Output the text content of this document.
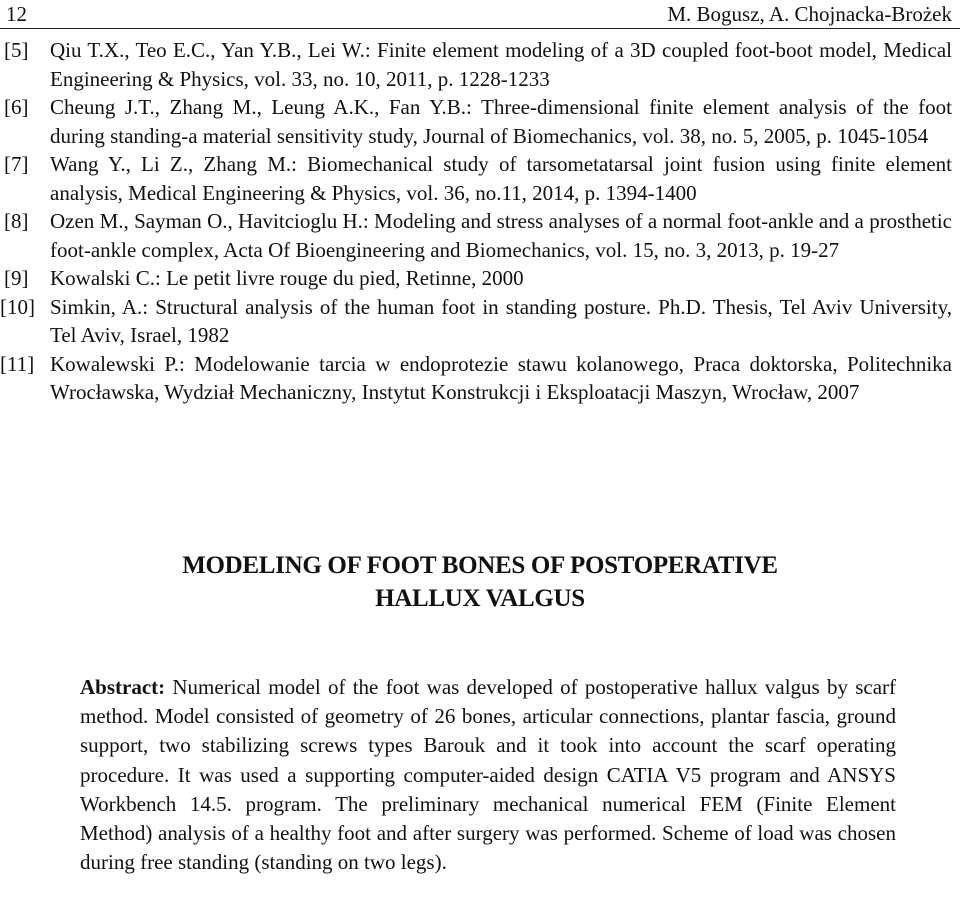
12	M. Bogusz, A. Chojnacka-Brożek
[5] Qiu T.X., Teo E.C., Yan Y.B., Lei W.: Finite element modeling of a 3D coupled foot-boot model, Medical Engineering & Physics, vol. 33, no. 10, 2011, p. 1228-1233
[6] Cheung J.T., Zhang M., Leung A.K., Fan Y.B.: Three-dimensional finite element analysis of the foot during standing-a material sensitivity study, Journal of Biomechanics, vol. 38, no. 5, 2005, p. 1045-1054
[7] Wang Y., Li Z., Zhang M.: Biomechanical study of tarsometatarsal joint fusion using finite element analysis, Medical Engineering & Physics, vol. 36, no.11, 2014, p. 1394-1400
[8] Ozen M., Sayman O., Havitcioglu H.: Modeling and stress analyses of a normal foot-ankle and a prosthetic foot-ankle complex, Acta Of Bioengineering and Biomechanics, vol. 15, no. 3, 2013, p. 19-27
[9] Kowalski C.: Le petit livre rouge du pied, Retinne, 2000
[10] Simkin, A.: Structural analysis of the human foot in standing posture. Ph.D. Thesis, Tel Aviv University, Tel Aviv, Israel, 1982
[11] Kowalewski P.: Modelowanie tarcia w endoprotezie stawu kolanowego, Praca doktorska, Politechnika Wrocławska, Wydział Mechaniczny, Instytut Konstrukcji i Eksploatacji Maszyn, Wrocław, 2007
MODELING OF FOOT BONES OF POSTOPERATIVE
HALLUX VALGUS
Abstract: Numerical model of the foot was developed of postoperative hallux valgus by scarf method. Model consisted of geometry of 26 bones, articular connections, plantar fascia, ground support, two stabilizing screws types Barouk and it took into account the scarf operating procedure. It was used a supporting computer-aided design CATIA V5 program and ANSYS Workbench 14.5. program. The preliminary mechanical numerical FEM (Finite Element Method) analysis of a healthy foot and after surgery was performed. Scheme of load was chosen during free standing (standing on two legs).
